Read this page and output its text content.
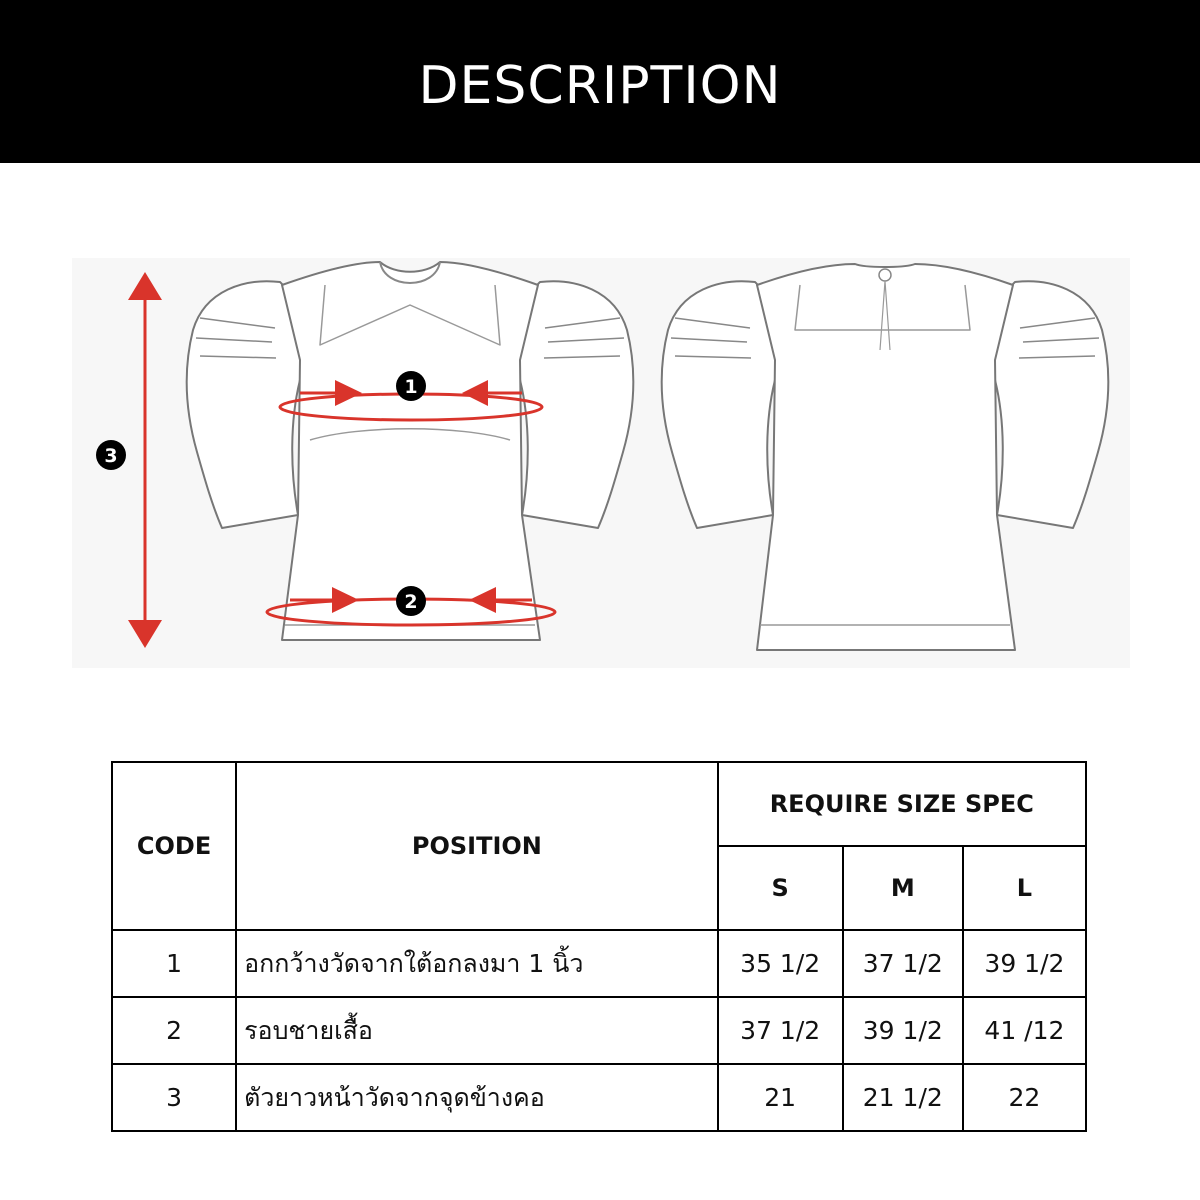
DESCRIPTION
1
2
3
CODE	POSITION	REQUIRE SIZE SPEC		
		S	M	L
1	อกกว้างวัดจากใต้อกลงมา 1 นิ้ว	35 1/2	37 1/2	39 1/2
2	รอบชายเสื้อ	37 1/2	39 1/2	41 /12
3	ตัวยาวหน้าวัดจากจุดข้างคอ	21	21 1/2	22
